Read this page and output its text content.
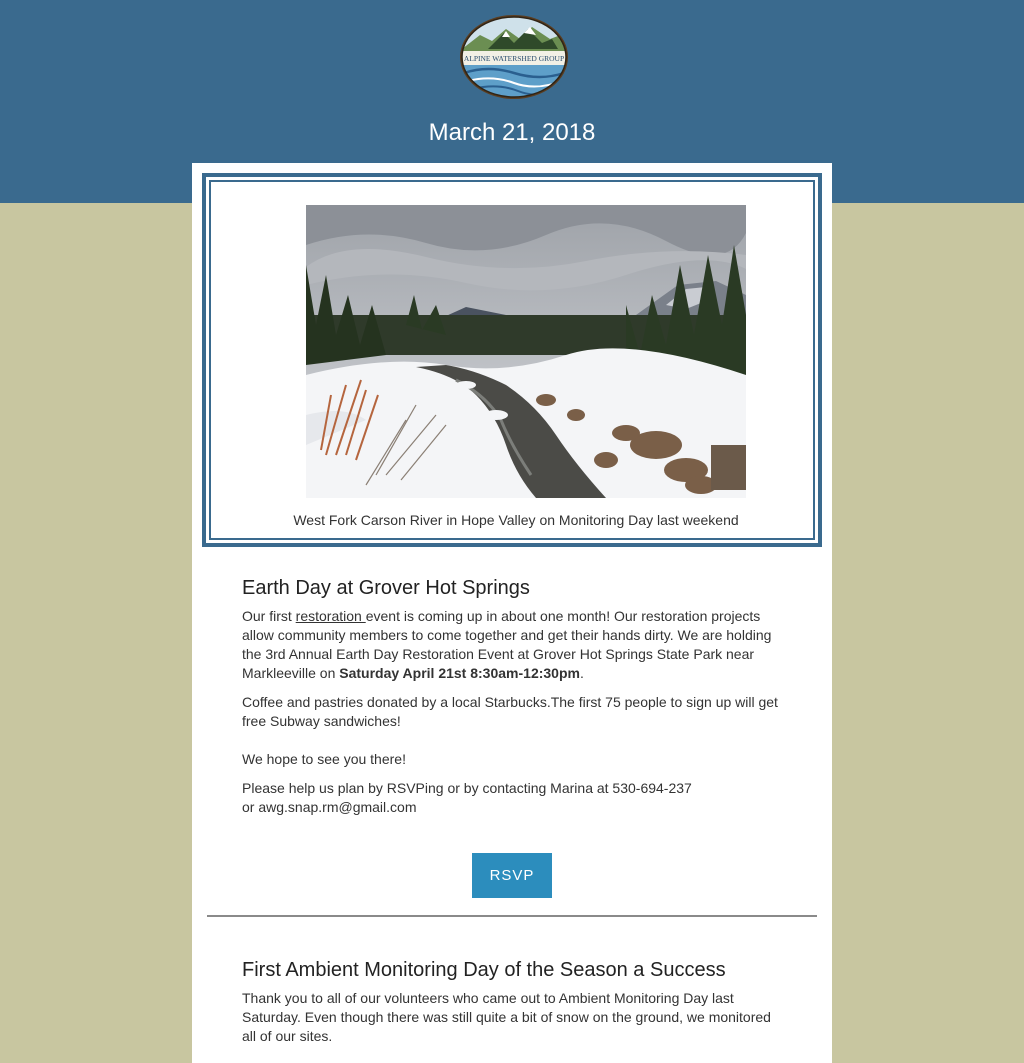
ALPINE WATERSHED GROUP
March 21, 2018
West Fork Carson River in Hope Valley on Monitoring Day last weekend
Earth Day at Grover Hot Springs

Our first restoration event is coming up in about one month! Our restoration projects allow community members to come together and get their hands dirty. We are holding the 3rd Annual Earth Day Restoration Event at Grover Hot Springs State Park near Markleeville on Saturday April 21st 8:30am-12:30pm.

Coffee and pastries donated by a local Starbucks.The first 75 people to sign up will get free Subway sandwiches!

We hope to see you there!

Please help us plan by RSVPing or by contacting Marina at 530-694-237
or awg.snap.rm@gmail.com

RSVP
First Ambient Monitoring Day of the Season a Success

Thank you to all of our volunteers who came out to Ambient Monitoring Day last Saturday. Even though there was still quite a bit of snow on the ground, we monitored all of our sites.
